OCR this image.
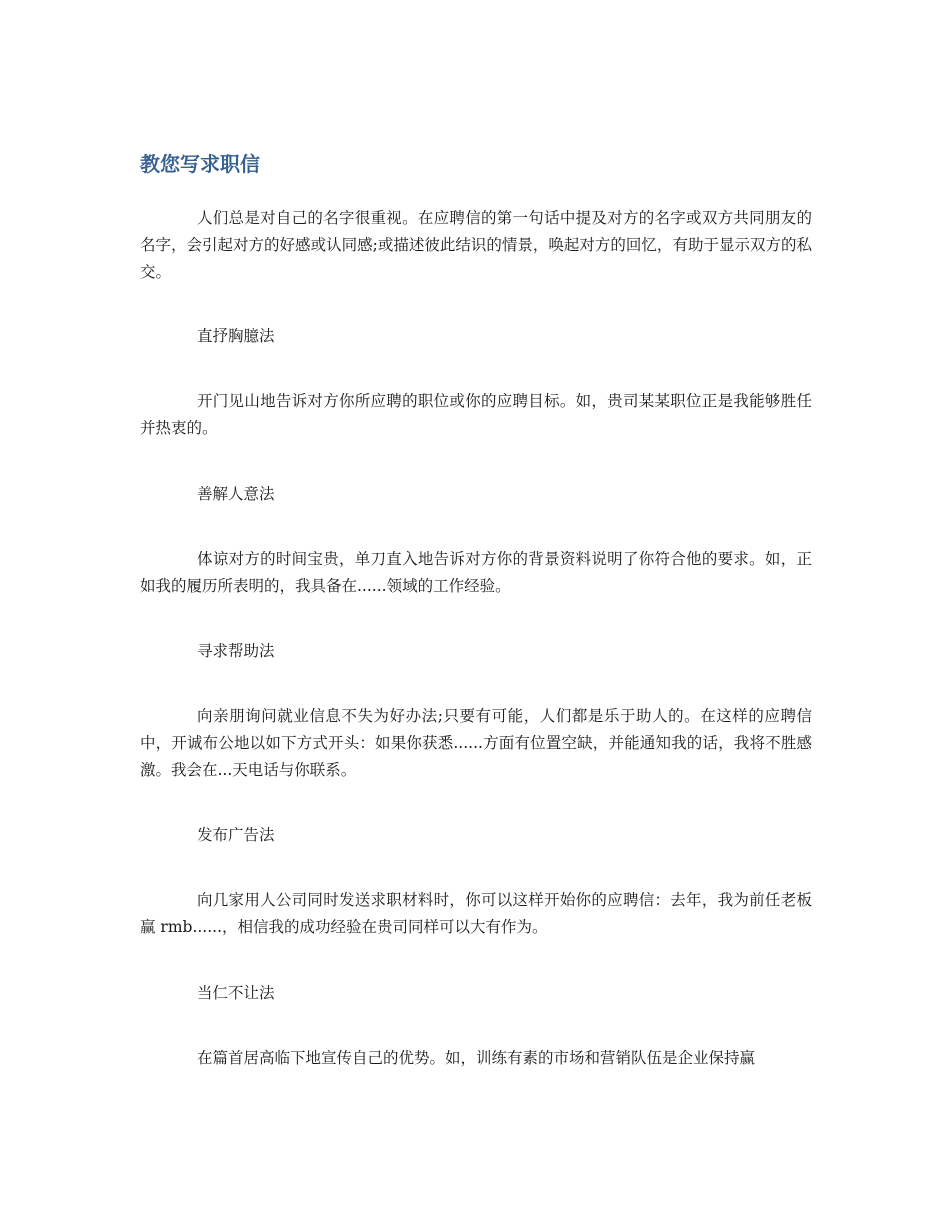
教您写求职信

人们总是对自己的名字很重视。在应聘信的第一句话中提及对方的名字或双方共同朋友的名字，会引起对方的好感或认同感;或描述彼此结识的情景，唤起对方的回忆，有助于显示双方的私交。

直抒胸臆法

开门见山地告诉对方你所应聘的职位或你的应聘目标。如，贵司某某职位正是我能够胜任并热衷的。

善解人意法

体谅对方的时间宝贵，单刀直入地告诉对方你的背景资料说明了你符合他的要求。如，正如我的履历所表明的，我具备在......领域的工作经验。

寻求帮助法

向亲朋询问就业信息不失为好办法;只要有可能，人们都是乐于助人的。在这样的应聘信中，开诚布公地以如下方式开头：如果你获悉......方面有位置空缺，并能通知我的话，我将不胜感激。我会在...天电话与你联系。

发布广告法

向几家用人公司同时发送求职材料时，你可以这样开始你的应聘信：去年，我为前任老板赢 rmb......，相信我的成功经验在贵司同样可以大有作为。

当仁不让法

在篇首居高临下地宣传自己的优势。如，训练有素的市场和营销队伍是企业保持赢
